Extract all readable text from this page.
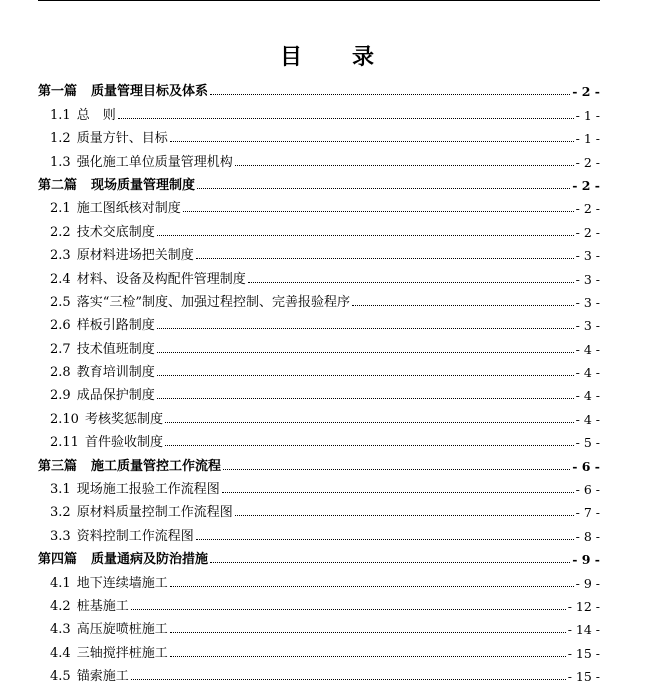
目 录
第一篇 质量管理目标及体系	- 2 -
1.1 总　则	- 1 -
1.2 质量方针、目标	- 1 -
1.3 强化施工单位质量管理机构	- 2 -
第二篇 现场质量管理制度	- 2 -
2.1 施工图纸核对制度	- 2 -
2.2 技术交底制度	- 2 -
2.3 原材料进场把关制度	- 3 -
2.4 材料、设备及构配件管理制度	- 3 -
2.5 落实“三检”制度、加强过程控制、完善报验程序	- 3 -
2.6 样板引路制度	- 3 -
2.7 技术值班制度	- 4 -
2.8 教育培训制度	- 4 -
2.9 成品保护制度	- 4 -
2.10 考核奖惩制度	- 4 -
2.11 首件验收制度	- 5 -
第三篇 施工质量管控工作流程	- 6 -
3.1 现场施工报验工作流程图	- 6 -
3.2 原材料质量控制工作流程图	- 7 -
3.3 资料控制工作流程图	- 8 -
第四篇 质量通病及防治措施	- 9 -
4.1 地下连续墙施工	- 9 -
4.2 桩基施工	- 12 -
4.3 高压旋喷桩施工	- 14 -
4.4 三轴搅拌桩施工	- 15 -
4.5 锚索施工	- 15 -
